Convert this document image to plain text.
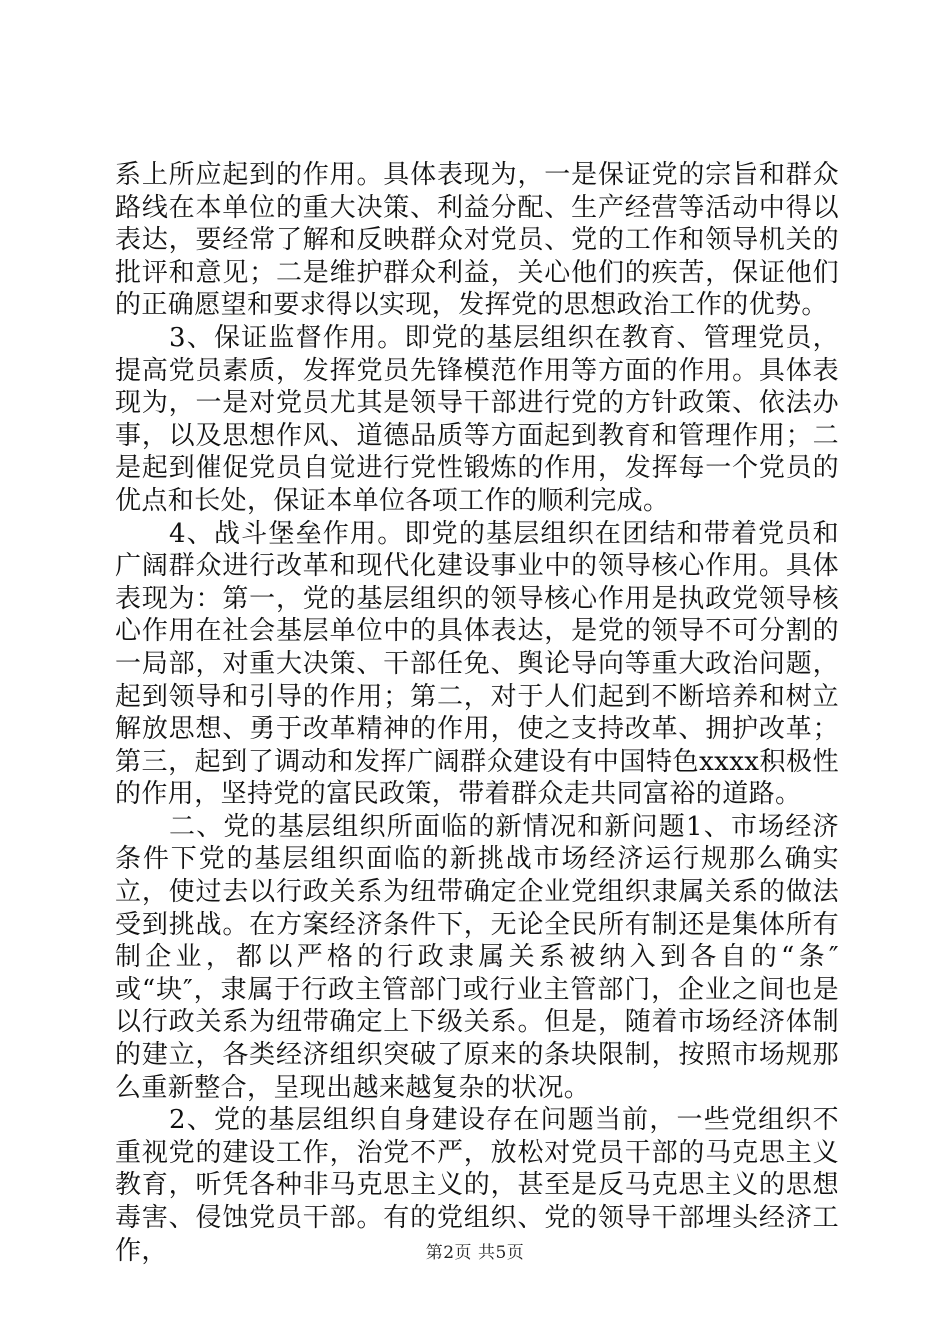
系上所应起到的作用。具体表现为，一是保证党的宗旨和群众路线在本单位的重大决策、利益分配、生产经营等活动中得以表达，要经常了解和反映群众对党员、党的工作和领导机关的批评和意见；二是维护群众利益，关心他们的疾苦，保证他们的正确愿望和要求得以实现，发挥党的思想政治工作的优势。

3、保证监督作用。即党的基层组织在教育、管理党员，提高党员素质，发挥党员先锋模范作用等方面的作用。具体表现为，一是对党员尤其是领导干部进行党的方针政策、依法办事，以及思想作风、道德品质等方面起到教育和管理作用；二是起到催促党员自觉进行党性锻炼的作用，发挥每一个党员的优点和长处，保证本单位各项工作的顺利完成。

4、战斗堡垒作用。即党的基层组织在团结和带着党员和广阔群众进行改革和现代化建设事业中的领导核心作用。具体表现为：第一，党的基层组织的领导核心作用是执政党领导核心作用在社会基层单位中的具体表达，是党的领导不可分割的一局部，对重大决策、干部任免、舆论导向等重大政治问题，起到领导和引导的作用；第二，对于人们起到不断培养和树立解放思想、勇于改革精神的作用，使之支持改革、拥护改革；第三，起到了调动和发挥广阔群众建设有中国特色xxxx积极性的作用，坚持党的富民政策，带着群众走共同富裕的道路。

二、党的基层组织所面临的新情况和新问题1、市场经济条件下党的基层组织面临的新挑战市场经济运行规那么确实立，使过去以行政关系为纽带确定企业党组织隶属关系的做法受到挑战。在方案经济条件下，无论全民所有制还是集体所有制企业，都以严格的行政隶属关系被纳入到各自的“条″或“块″，隶属于行政主管部门或行业主管部门，企业之间也是以行政关系为纽带确定上下级关系。但是，随着市场经济体制的建立，各类经济组织突破了原来的条块限制，按照市场规那么重新整合，呈现出越来越复杂的状况。

2、党的基层组织自身建设存在问题当前，一些党组织不重视党的建设工作，治党不严，放松对党员干部的马克思主义教育，听凭各种非马克思主义的，甚至是反马克思主义的思想毒害、侵蚀党员干部。有的党组织、党的领导干部埋头经济工作，	第2页 共5页
